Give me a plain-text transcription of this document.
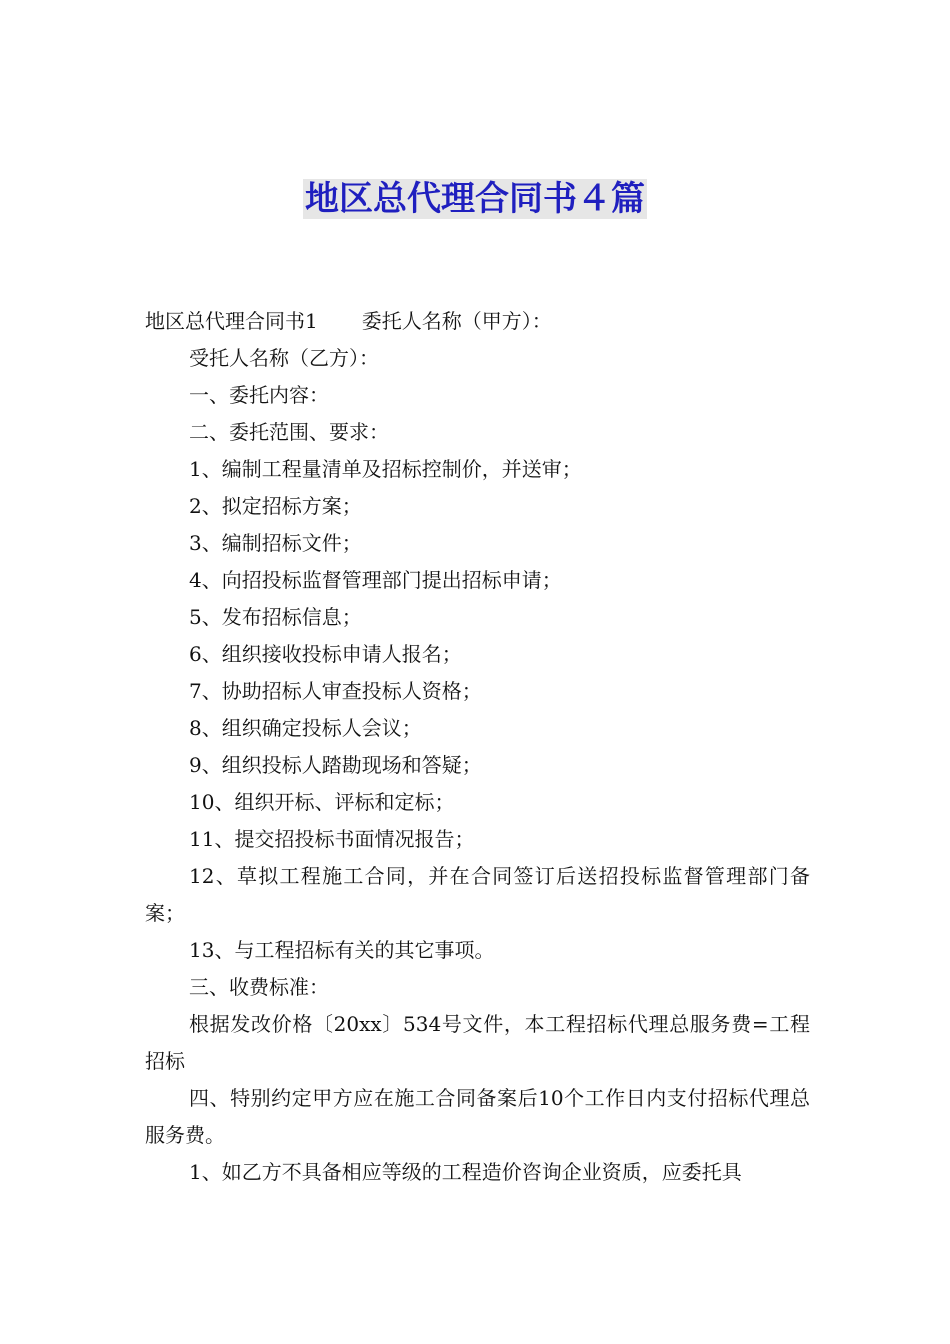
地区总代理合同书４篇

地区总代理合同书1 委托人名称（甲方）：

受托人名称（乙方）：

一、委托内容：

二、委托范围、要求：

1、编制工程量清单及招标控制价，并送审；

2、拟定招标方案；

3、编制招标文件；

4、向招投标监督管理部门提出招标申请；

5、发布招标信息；

6、组织接收投标申请人报名；

7、协助招标人审查投标人资格；

8、组织确定投标人会议；

9、组织投标人踏勘现场和答疑；

10、组织开标、评标和定标；

11、提交招投标书面情况报告；

12、草拟工程施工合同，并在合同签订后送招投标监督管理部门备案；

13、与工程招标有关的其它事项。

三、收费标准：

根据发改价格〔20xx〕534号文件，本工程招标代理总服务费=工程招标

四、特别约定甲方应在施工合同备案后10个工作日内支付招标代理总服务费。

1、如乙方不具备相应等级的工程造价咨询企业资质，应委托具
